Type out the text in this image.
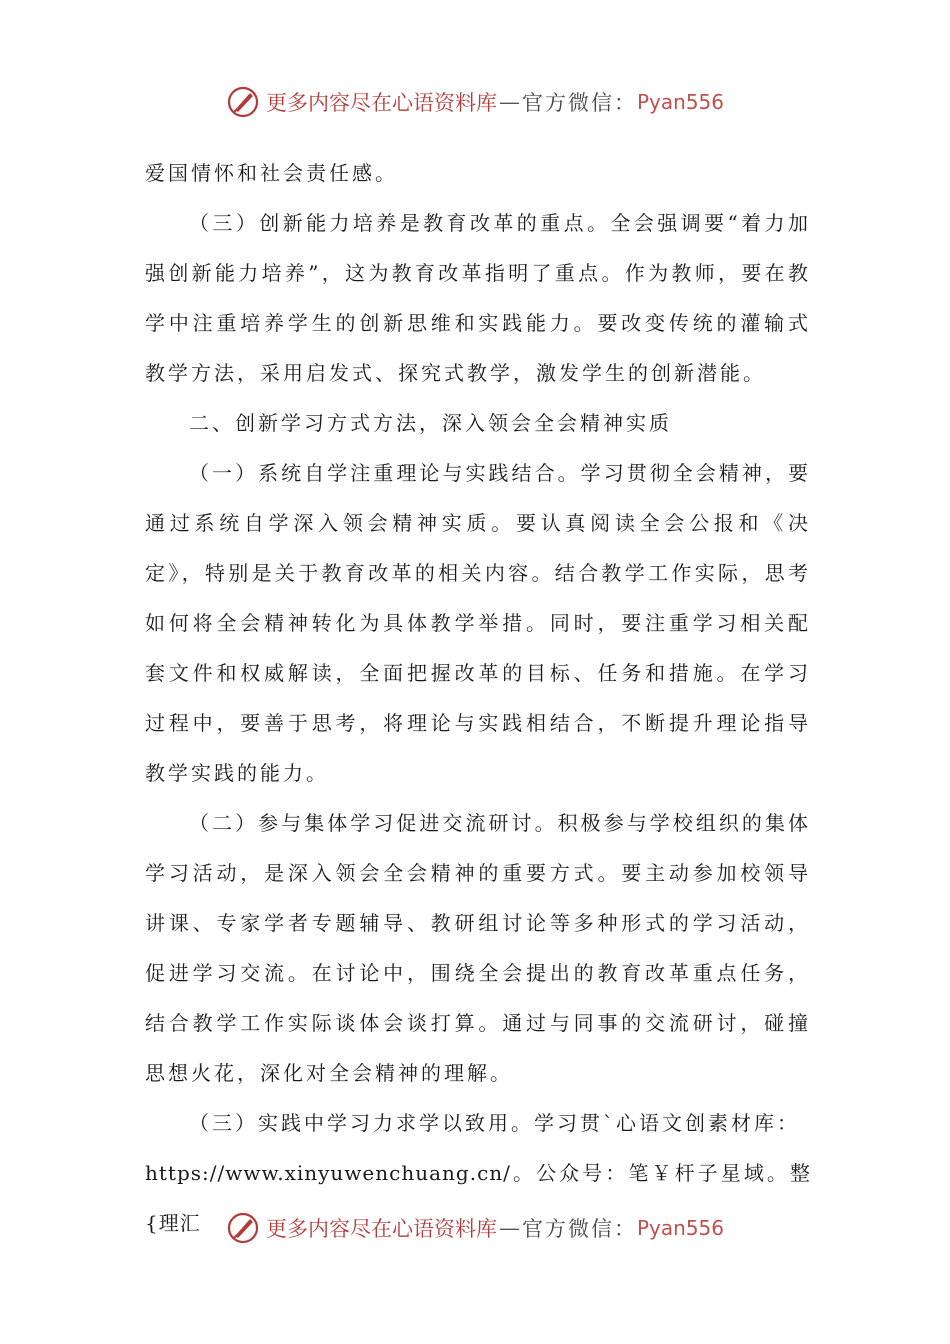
更多内容尽在心语资料库 — 官方微信： Pyan556

爱国情怀和社会责任感。

（三）创新能力培养是教育改革的重点。全会强调要“着力加强创新能力培养”，这为教育改革指明了重点。作为教师，要在教学中注重培养学生的创新思维和实践能力。要改变传统的灌输式教学方法，采用启发式、探究式教学，激发学生的创新潜能。

二、创新学习方式方法，深入领会全会精神实质

（一）系统自学注重理论与实践结合。学习贯彻全会精神，要通过系统自学深入领会精神实质。要认真阅读全会公报和《决定》，特别是关于教育改革的相关内容。结合教学工作实际，思考如何将全会精神转化为具体教学举措。同时，要注重学习相关配套文件和权威解读，全面把握改革的目标、任务和措施。在学习过程中，要善于思考，将理论与实践相结合，不断提升理论指导教学实践的能力。

（二）参与集体学习促进交流研讨。积极参与学校组织的集体学习活动，是深入领会全会精神的重要方式。要主动参加校领导讲课、专家学者专题辅导、教研组讨论等多种形式的学习活动，促进学习交流。在讨论中，围绕全会提出的教育改革重点任务，结合教学工作实际谈体会谈打算。通过与同事的交流研讨，碰撞思想火花，深化对全会精神的理解。

（三）实践中学习力求学以致用。学习贯`心语文创素材库：

https://www.xinyuwenchuang.cn/。公众号：笔￥杆子星域。整{理汇	更多内容尽在心语资料库 — 官方微信： Pyan556
